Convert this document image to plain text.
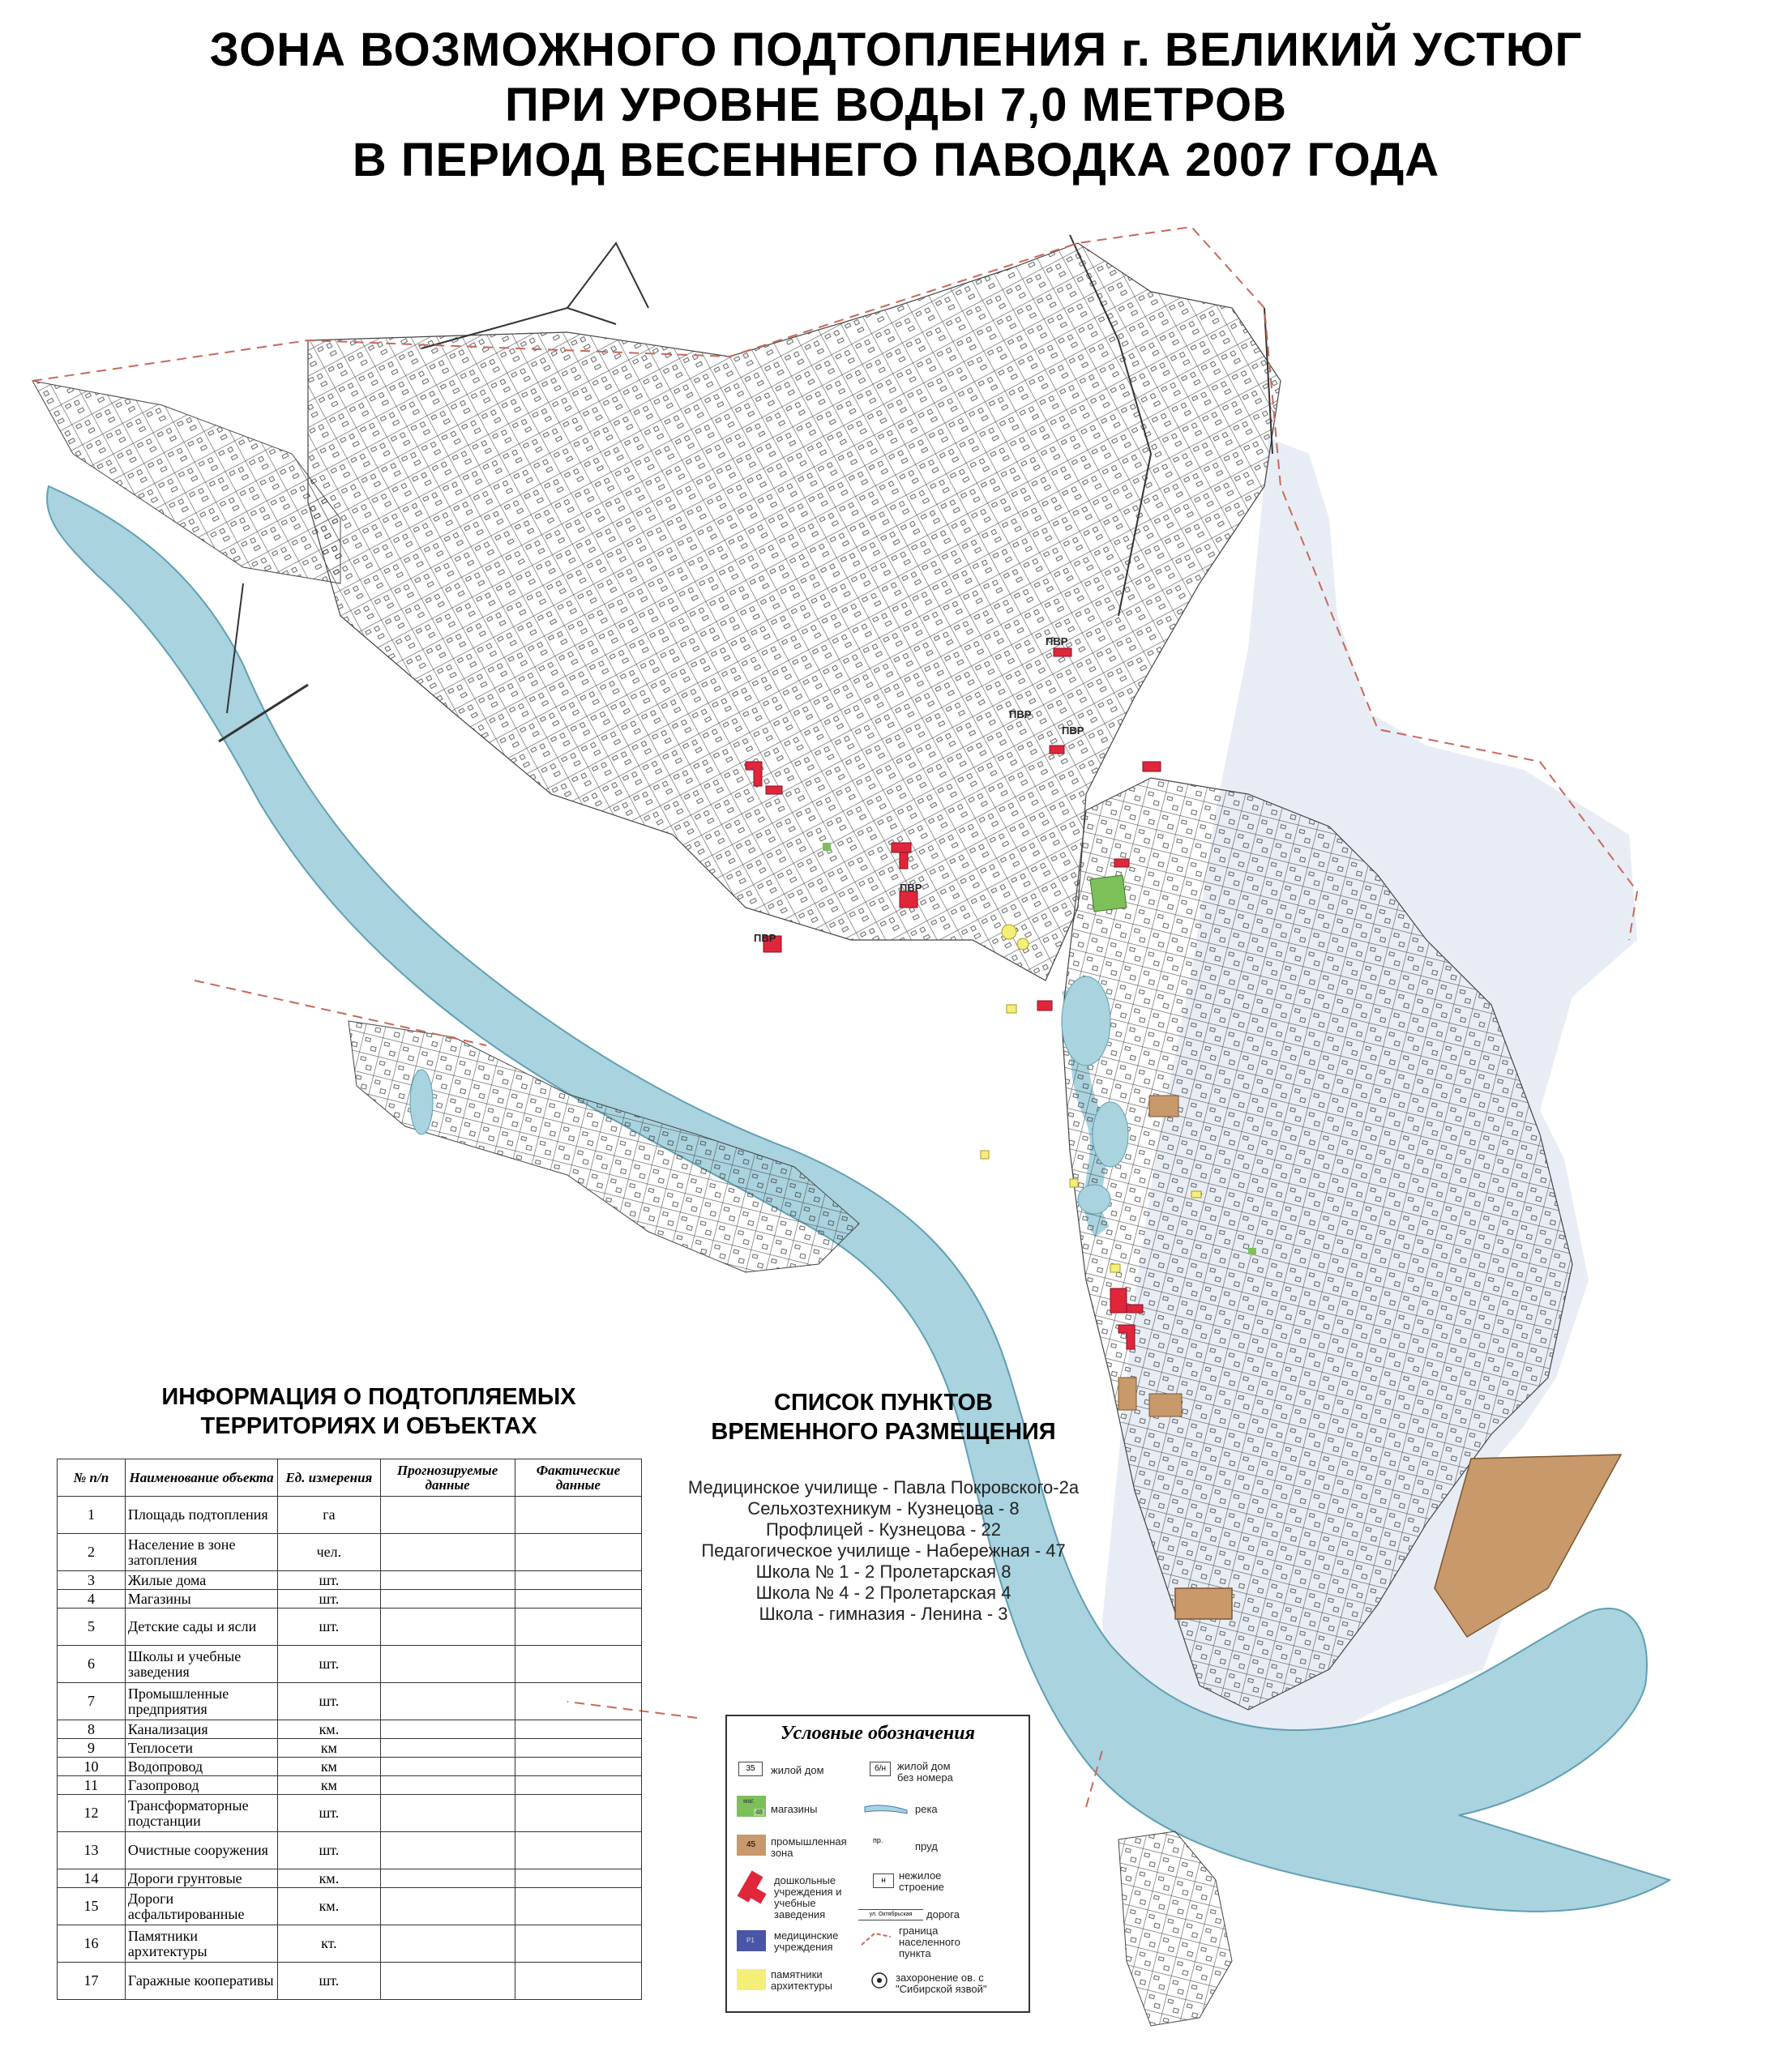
ЗОНА ВОЗМОЖНОГО ПОДТОПЛЕНИЯ г. ВЕЛИКИЙ УСТЮГ
ПРИ УРОВНЕ ВОДЫ 7,0 МЕТРОВ
В ПЕРИОД ВЕСЕННЕГО ПАВОДКА 2007 ГОДА
ПВР
ПВР
ПВР
ПВР
ПВР
ИНФОРМАЦИЯ О ПОДТОПЛЯЕМЫХ
ТЕРРИТОРИЯХ И ОБЪЕКТАХ
№ п/п	Наименование объекта	Ед. измерения	Прогнозируемые данные	Фактические данные
1	Площадь подтопления	га		
2	Население в зоне затопления	чел.		
3	Жилые дома	шт.		
4	Магазины	шт.		
5	Детские сады и ясли	шт.		
6	Школы и учебные заведения	шт.		
7	Промышленные предприятия	шт.		
8	Канализация	км.		
9	Теплосети	км		
10	Водопровод	км		
11	Газопровод	км		
12	Трансформаторные подстанции	шт.		
13	Очистные сооружения	шт.		
14	Дороги грунтовые	км.		
15	Дороги асфальтированные	км.		
16	Памятники архитектуры	кт.		
17	Гаражные кооперативы	шт.		
СПИСОК ПУНКТОВ
ВРЕМЕННОГО РАЗМЕЩЕНИЯ
Медицинское училище - Павла Покровского-2а
Сельхозтехникум - Кузнецова - 8
Профлицей - Кузнецова - 22
Педагогическое училище - Набережная - 47
Школа № 1 - 2 Пролетарская 8
Школа № 4 - 2 Пролетарская 4
Школа - гимназия - Ленина - 3
Условные обозначения
35	жилой дом	б/н	жилой дом без номера
маг.
48 магазины	река
45	промышленная зона
пр.	пруд
дошкольные учреждения и учебные заведения
н	нежилое строение
ул. Октябрьская	дорога
Р1	медицинские учреждения
граница населенного пункта
памятники архитектуры
захоронение ов. с "Сибирской язвой"
